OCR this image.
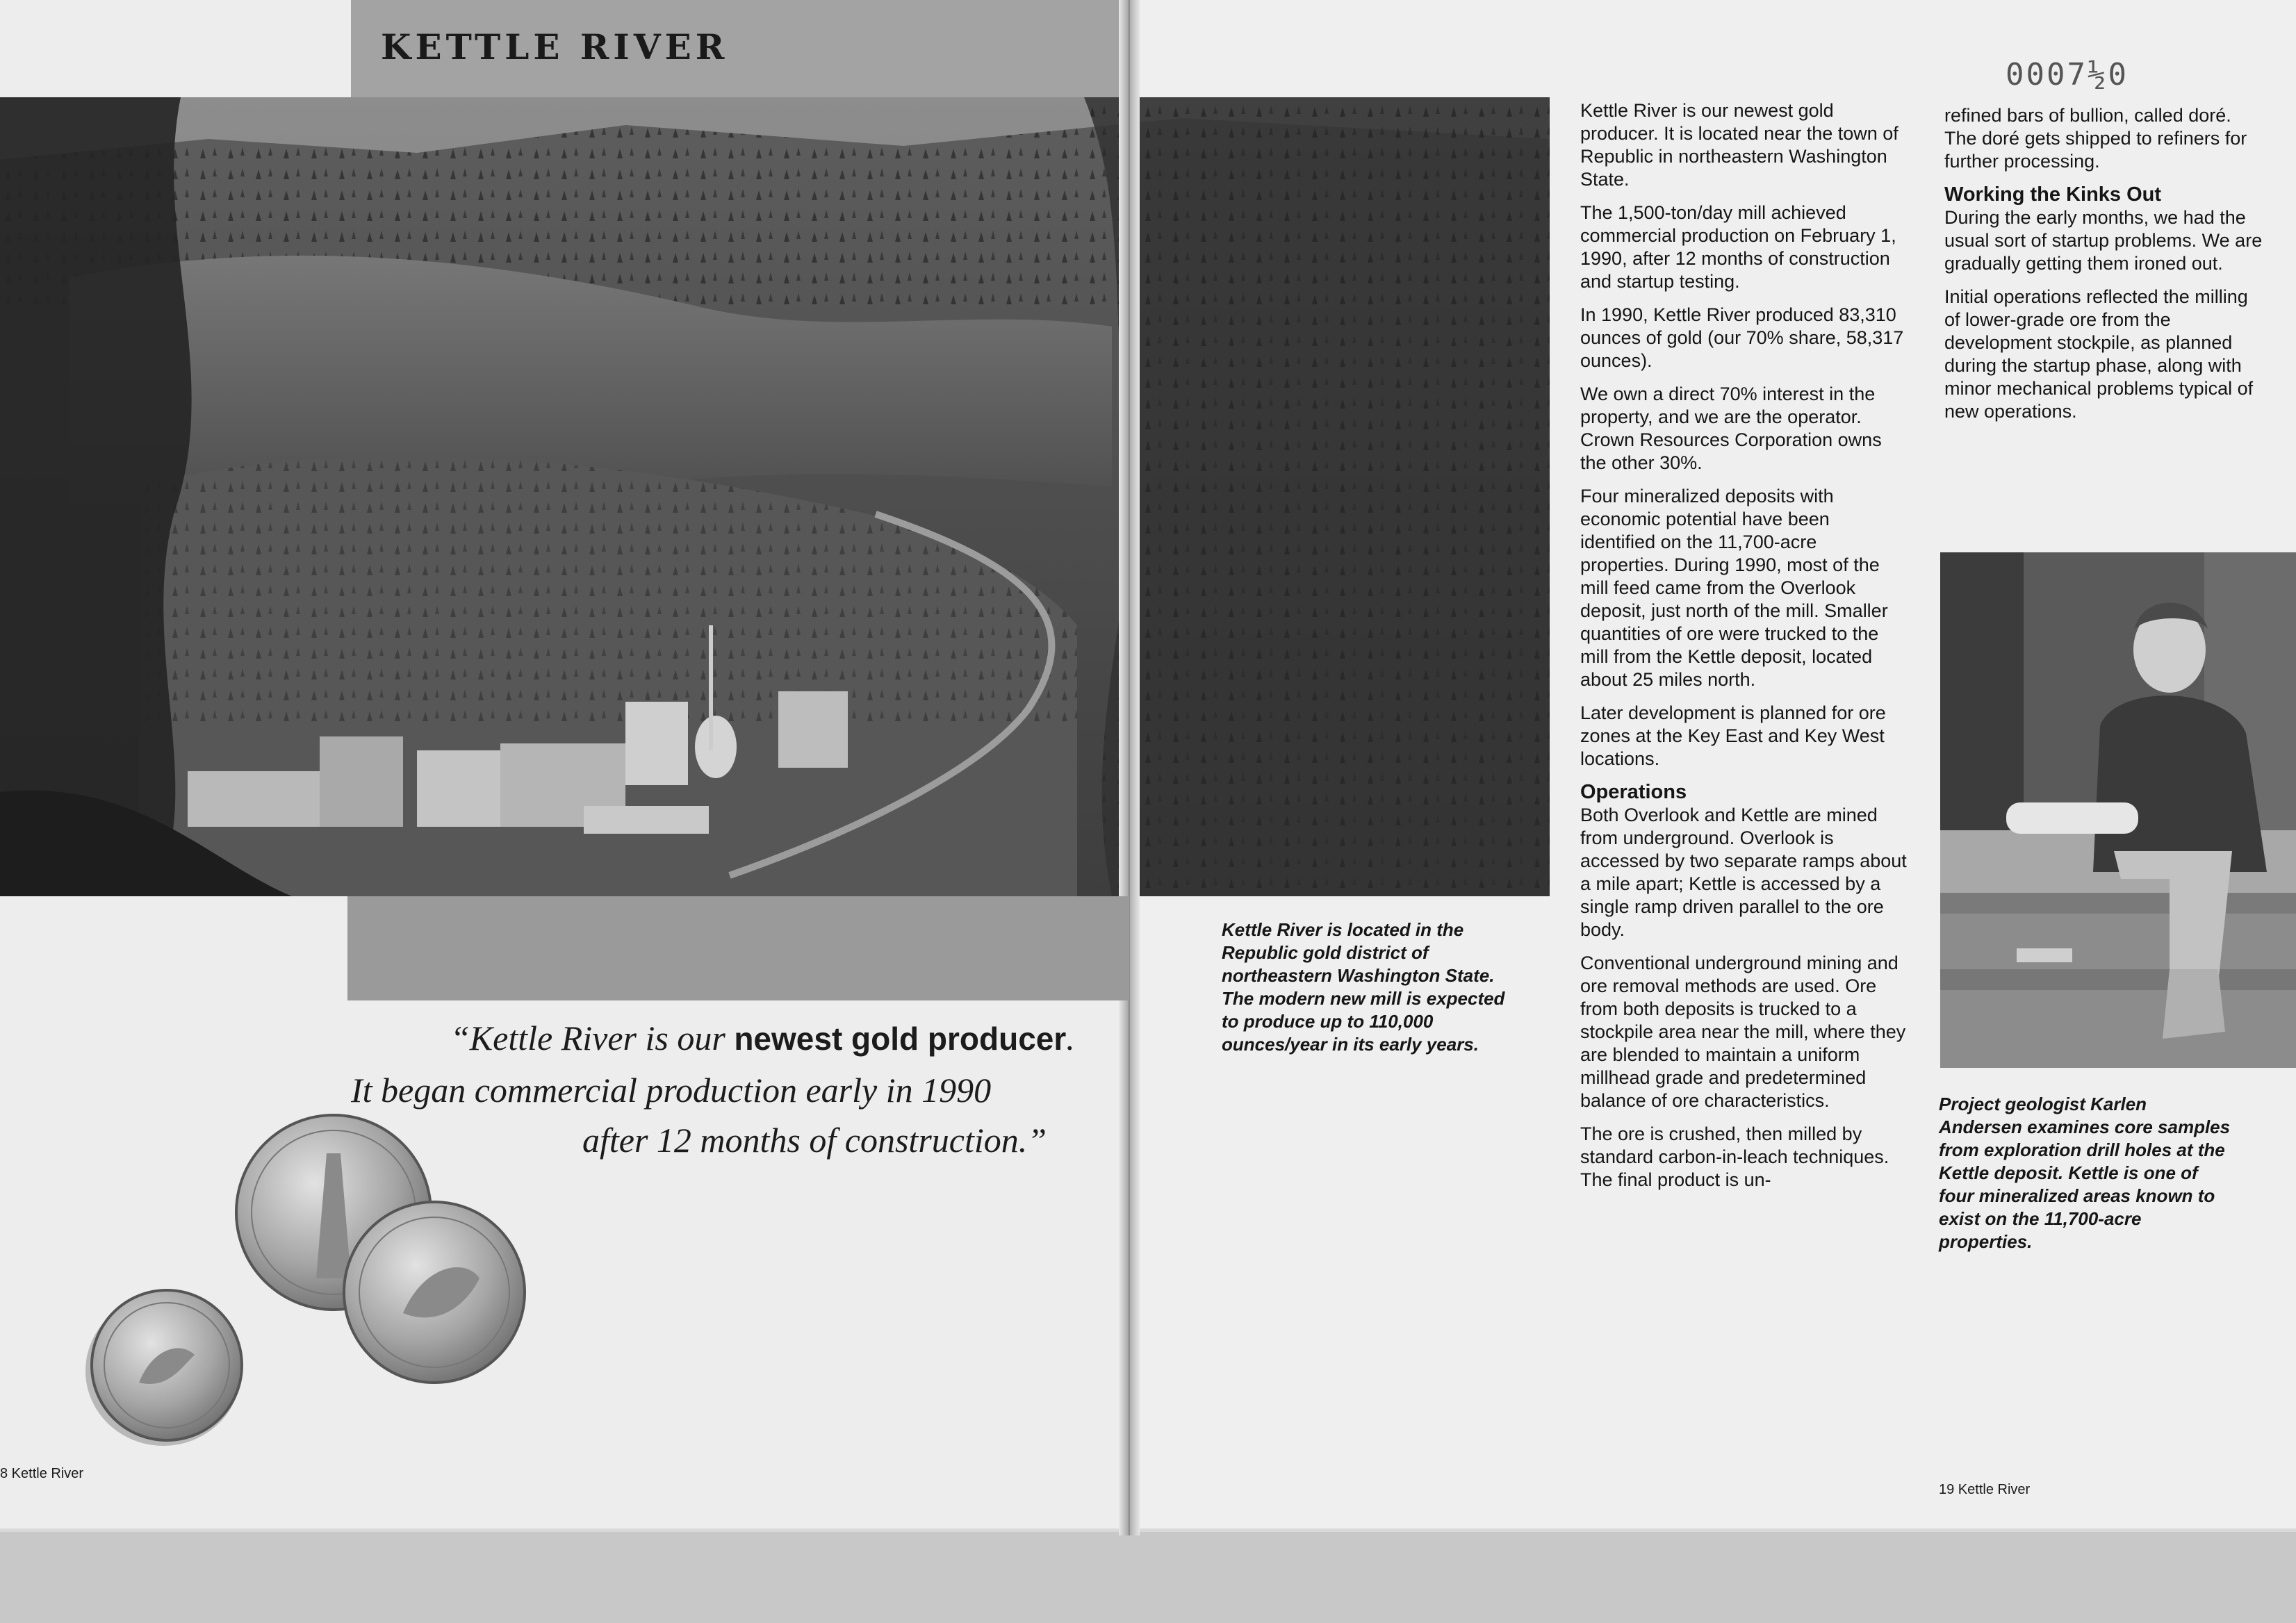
KETTLE RIVER
“Kettle River is our newest gold producer.
It began commercial production early in 1990
after 12 months of construction.”
8 Kettle River
19 Kettle River
Kettle River is located in the Republic gold district of northeastern Washington State. The modern new mill is expected to produce up to 110,000 ounces/year in its early years.

Kettle River is our newest gold producer. It is located near the town of Republic in northeastern Washington State.

The 1,500-ton/day mill achieved commercial production on February 1, 1990, after 12 months of construction and startup testing.

In 1990, Kettle River produced 83,310 ounces of gold (our 70% share, 58,317 ounces).

We own a direct 70% interest in the property, and we are the operator. Crown Resources Corporation owns the other 30%.

Four mineralized deposits with economic potential have been identified on the 11,700-acre properties. During 1990, most of the mill feed came from the Overlook deposit, just north of the mill. Smaller quantities of ore were trucked to the mill from the Kettle deposit, located about 25 miles north.

Later development is planned for ore zones at the Key East and Key West locations.

Operations

Both Overlook and Kettle are mined from underground. Overlook is accessed by two separate ramps about a mile apart; Kettle is accessed by a single ramp driven parallel to the ore body.

Conventional underground mining and ore removal methods are used. Ore from both deposits is trucked to a stockpile area near the mill, where they are blended to maintain a uniform millhead grade and predetermined balance of ore characteristics.

The ore is crushed, then milled by standard carbon-in-leach techniques. The final product is un-

refined bars of bullion, called doré. The doré gets shipped to refiners for further processing.

Working the Kinks Out

During the early months, we had the usual sort of startup problems. We are gradually getting them ironed out.

Initial operations reflected the milling of lower-grade ore from the development stockpile, as planned during the startup phase, along with minor mechanical problems typical of new operations.

Project geologist Karlen Andersen examines core samples from exploration drill holes at the Kettle deposit. Kettle is one of four mineralized areas known to exist on the 11,700-acre properties.
0007½0
